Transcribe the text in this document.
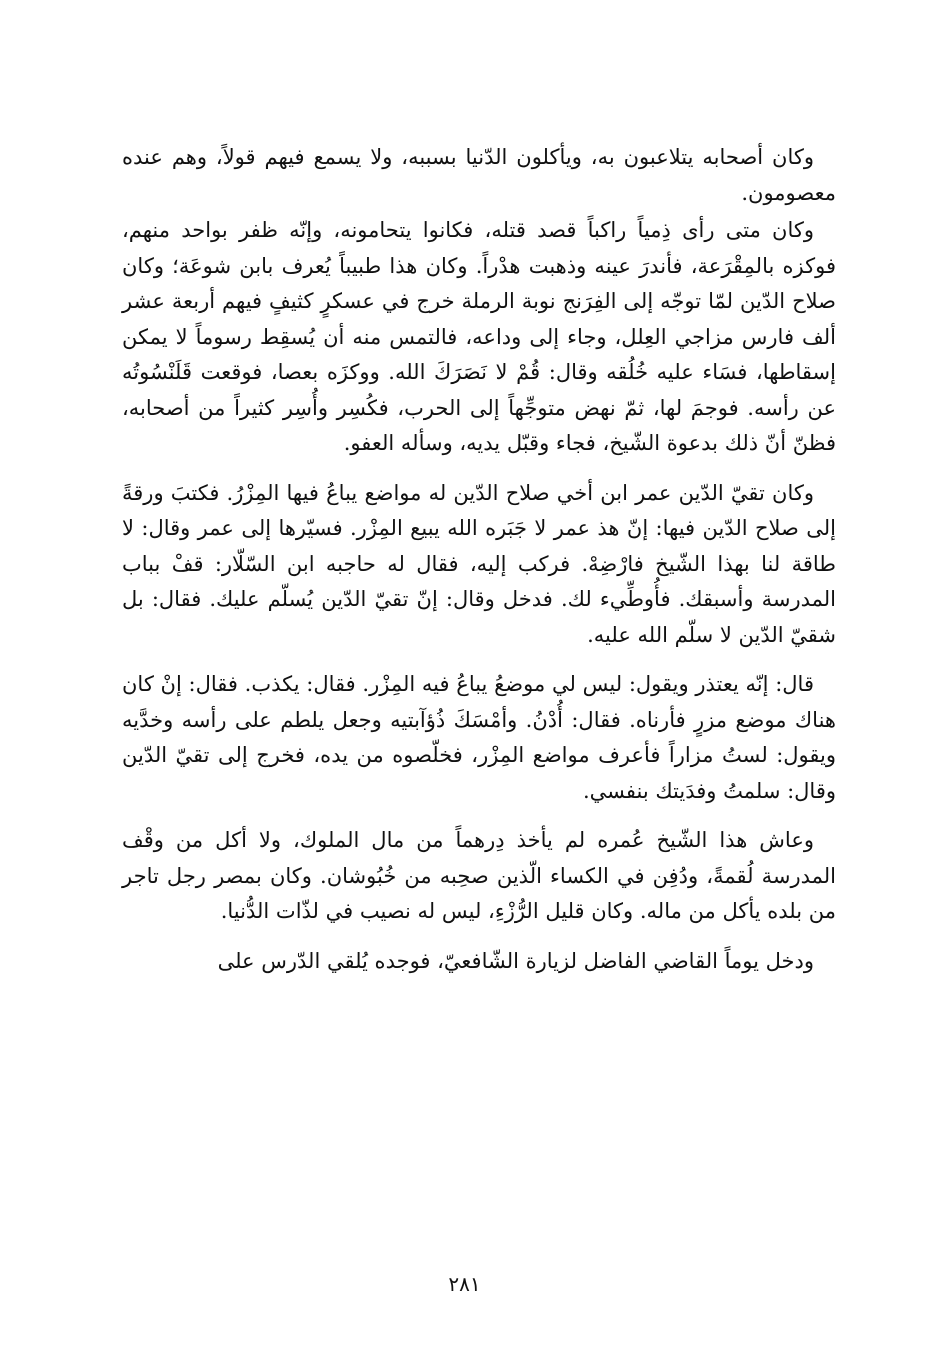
وكان أصحابه يتلاعبون به، ويأكلون الدّنيا بسببه، ولا يسمع فيهم قولاً، وهم عنده معصومون.

وكان متى رأى ذِمياً راكباً قصد قتله، فكانوا يتحامونه، وإنّه ظفر بواحد منهم، فوكزه بالمِقْرَعة، فأندرَ عينه وذهبت هدْراً. وكان هذا طبيباً يُعرف بابن شوعَة؛ وكان صلاح الدّين لمّا توجّه إلى الفِرَنج نوبة الرملة خرج في عسكرٍ كثيفٍ فيهم أربعة عشر ألف فارس مزاجي العِلل، وجاء إلى وداعه، فالتمس منه أن يُسقِط رسوماً لا يمكن إسقاطها، فسَاء عليه خُلُقه وقال: قُمْ لا نَصَرَكَ الله. ووكزَه بعصا، فوقعت قَلَنْسُوتُه عن رأسه. فوجمَ لها، ثمّ نهض متوجِّهاً إلى الحرب، فكُسِر وأُسِر كثيراً من أصحابه، فظنّ أنّ ذلك بدعوة الشّيخ، فجاء وقبّل يديه، وسأله العفو.

وكان تقيّ الدّين عمر ابن أخي صلاح الدّين له مواضع يباعُ فيها المِزْرُ. فكتبَ ورقةً إلى صلاح الدّين فيها: إنّ هذ عمر لا جَبَره الله يبيع المِزْر. فسيّرها إلى عمر وقال: لا طاقة لنا بهذا الشّيخ فارْضِهْ. فركب إليه، فقال له حاجبه ابن السّلّار: قفْ بباب المدرسة وأسبقك. فأُوطِّيء لك. فدخل وقال: إنّ تقيّ الدّين يُسلّم عليك. فقال: بل شقيّ الدّين لا سلّم الله عليه.

قال: إنّه يعتذر ويقول: ليس لي موضعُ يباعُ فيه المِزْر. فقال: يكذب. فقال: إنْ كان هناك موضع مزرٍ فأرناه. فقال: أُدْنُ. وأمْسَكَ ذُؤآبتيه وجعل يلطم على رأسه وخدَّيه ويقول: لستُ مزاراً فأعرف مواضع المِزْر، فخلّصوه من يده، فخرج إلى تقيّ الدّين وقال: سلمتُ وفدَيتك بنفسي.

وعاش هذا الشّيخ عُمره لم يأخذ دِرهماً من مال الملوك، ولا أكل من وقْف المدرسة لُقمةً، ودُفِن في الكساء الّذين صحِبه من خُبُوشان. وكان بمصر رجل تاجر من بلده يأكل من ماله. وكان قليل الرُّزْءِ، ليس له نصيب في لذّات الدُّنيا.

ودخل يوماً القاضي الفاضل لزيارة الشّافعيّ، فوجده يُلقي الدّرس على

٢٨١
